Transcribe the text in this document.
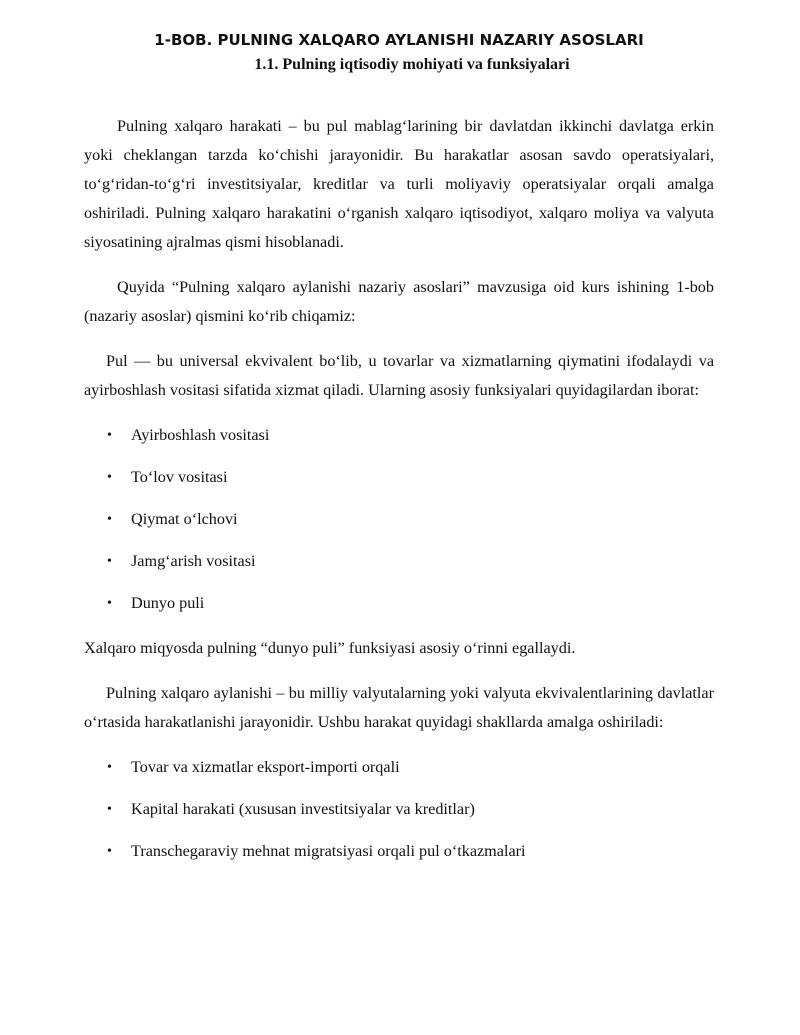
1-BOB. PULNING XALQARO AYLANISHI NAZARIY ASOSLARI
1.1. Pulning iqtisodiy mohiyati va funksiyalari

Pulning xalqaro harakati – bu pul mablag‘larining bir davlatdan ikkinchi davlatga erkin yoki cheklangan tarzda ko‘chishi jarayonidir. Bu harakatlar asosan savdo operatsiyalari, to‘g‘ridan-to‘g‘ri investitsiyalar, kreditlar va turli moliyaviy operatsiyalar orqali amalga oshiriladi. Pulning xalqaro harakatini o‘rganish xalqaro iqtisodiyot, xalqaro moliya va valyuta siyosatining ajralmas qismi hisoblanadi.

Quyida “Pulning xalqaro aylanishi nazariy asoslari” mavzusiga oid kurs ishining 1-bob (nazariy asoslar) qismini ko‘rib chiqamiz:

Pul — bu universal ekvivalent bo‘lib, u tovarlar va xizmatlarning qiymatini ifodalaydi va ayirboshlash vositasi sifatida xizmat qiladi. Ularning asosiy funksiyalari quyidagilardan iborat:

• Ayirboshlash vositasi
• To‘lov vositasi
• Qiymat o‘lchovi
• Jamg‘arish vositasi
• Dunyo puli

Xalqaro miqyosda pulning “dunyo puli” funksiyasi asosiy o‘rinni egallaydi.

Pulning xalqaro aylanishi – bu milliy valyutalarning yoki valyuta ekvivalentlarining davlatlar o‘rtasida harakatlanishi jarayonidir. Ushbu harakat quyidagi shakllarda amalga oshiriladi:

• Tovar va xizmatlar eksport-importi orqali
• Kapital harakati (xususan investitsiyalar va kreditlar)
• Transchegaraviy mehnat migratsiyasi orqali pul o‘tkazmalari
